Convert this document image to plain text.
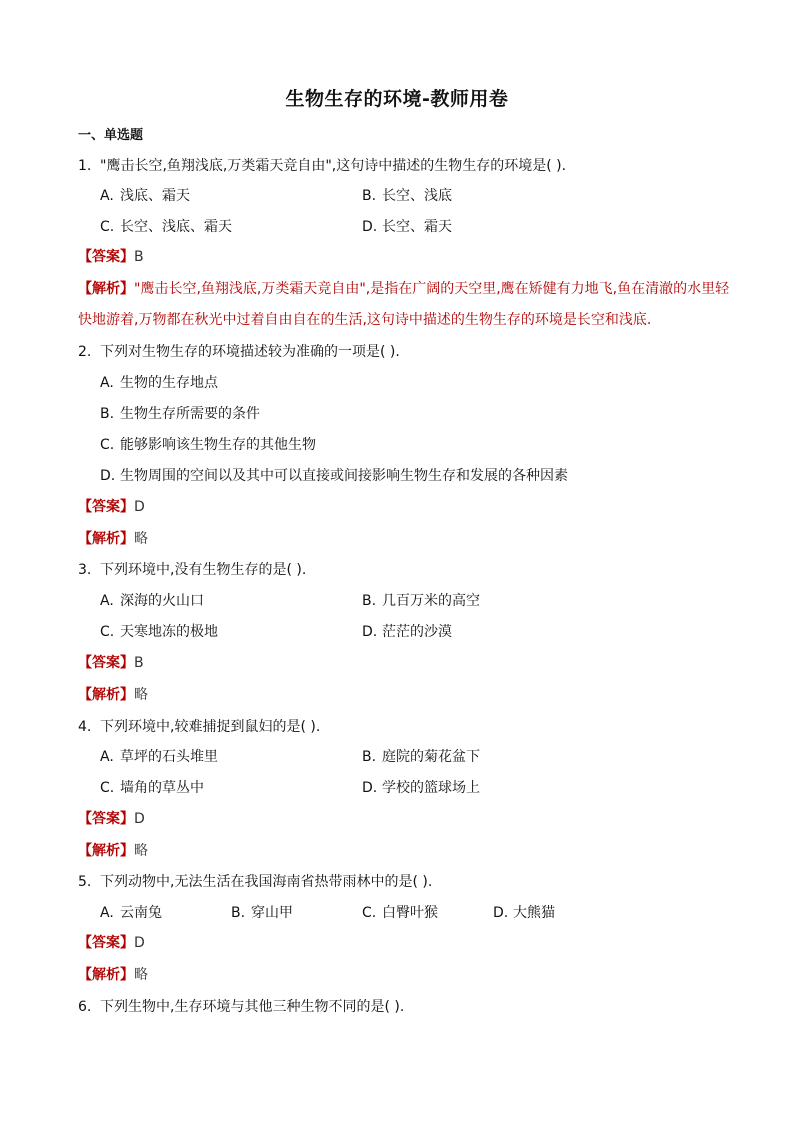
生物生存的环境-教师用卷
一、单选题
1. "鹰击长空,鱼翔浅底,万类霜天竞自由",这句诗中描述的生物生存的环境是( ).
A. 浅底、霜天	B. 长空、浅底
C. 长空、浅底、霜天	D. 长空、霜天
【答案】B
【解析】"鹰击长空,鱼翔浅底,万类霜天竞自由",是指在广阔的天空里,鹰在矫健有力地飞,鱼在清澈的水里轻
快地游着,万物都在秋光中过着自由自在的生活,这句诗中描述的生物生存的环境是长空和浅底.
2. 下列对生物生存的环境描述较为准确的一项是( ).
A. 生物的生存地点
B. 生物生存所需要的条件
C. 能够影响该生物生存的其他生物
D. 生物周围的空间以及其中可以直接或间接影响生物生存和发展的各种因素
【答案】D
【解析】略
3. 下列环境中,没有生物生存的是( ).
A. 深海的火山口	B. 几百万米的高空
C. 天寒地冻的极地	D. 茫茫的沙漠
【答案】B
【解析】略
4. 下列环境中,较难捕捉到鼠妇的是( ).
A. 草坪的石头堆里	B. 庭院的菊花盆下
C. 墙角的草丛中	D. 学校的篮球场上
【答案】D
【解析】略
5. 下列动物中,无法生活在我国海南省热带雨林中的是( ).
A. 云南兔	B. 穿山甲	C. 白臀叶猴	D. 大熊猫
【答案】D
【解析】略
6. 下列生物中,生存环境与其他三种生物不同的是( ).
